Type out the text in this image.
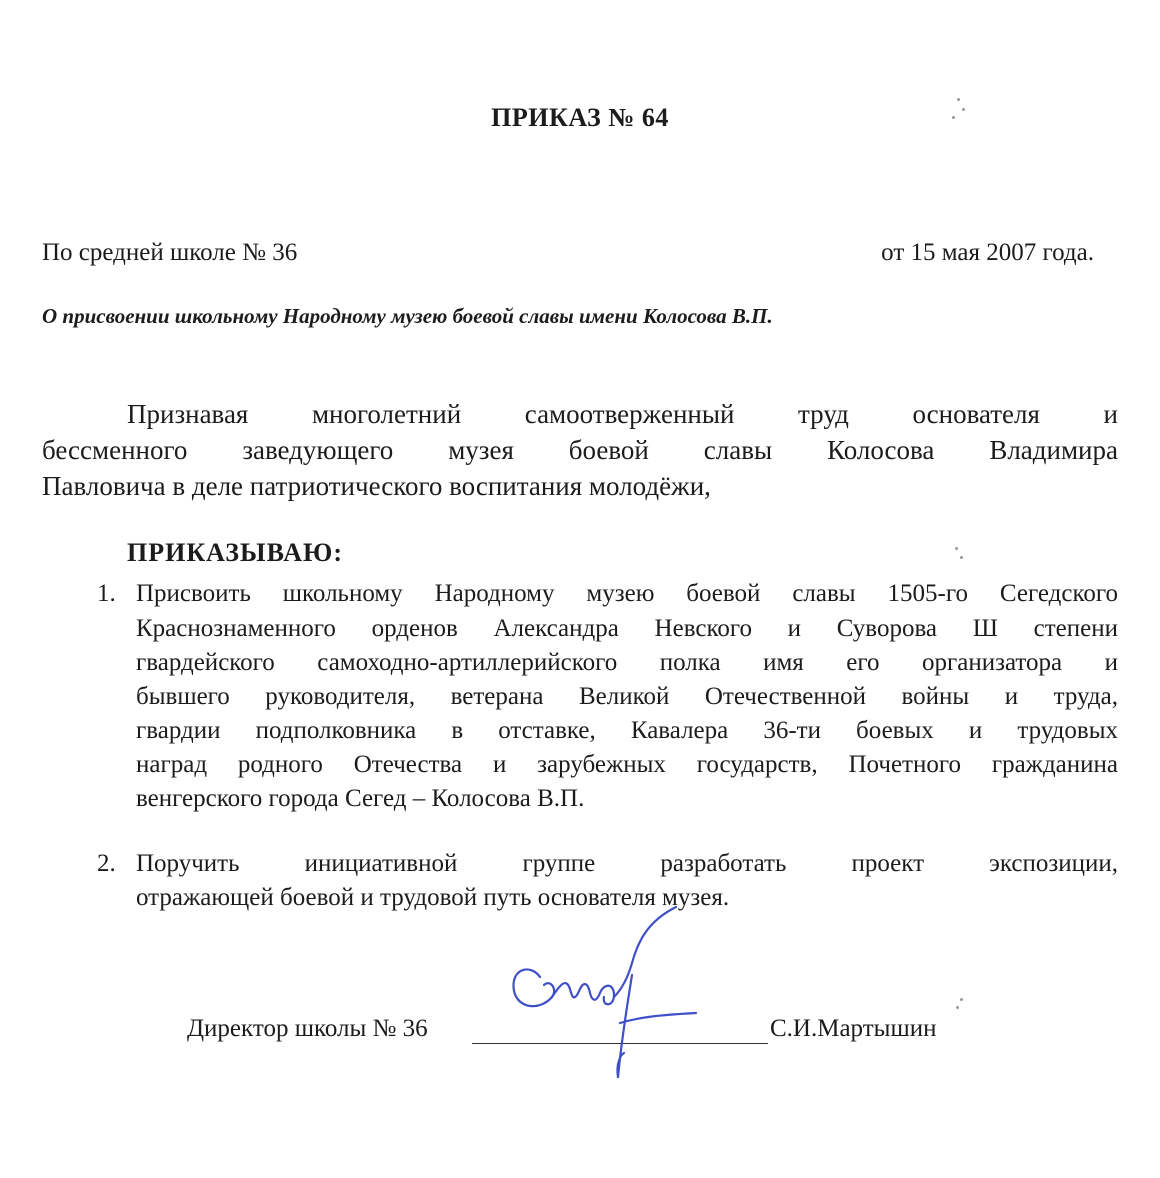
ПРИКАЗ № 64

По средней школе № 36	от 15 мая 2007 года.

О присвоении школьному Народному музею боевой славы имени Колосова В.П.

Признавая многолетний самоотверженный труд основателя и

бессменного заведующего музея боевой славы Колосова Владимира

Павловича в деле патриотического воспитания молодёжи,

ПРИКАЗЫВАЮ:

1. Присвоить школьному Народному музею боевой славы 1505-го Сегедского

Краснознаменного орденов Александра Невского и Суворова Ш степени

гвардейского самоходно-артиллерийского полка имя его организатора и

бывшего руководителя, ветерана Великой Отечественной войны и труда,

гвардии подполковника в отставке, Кавалера 36-ти боевых и трудовых

наград родного Отечества и зарубежных государств, Почетного гражданина

венгерского города Сегед – Колосова В.П.

2. Поручить инициативной группе разработать проект экспозиции,

отражающей боевой и трудовой путь основателя музея.

Директор школы № 36	С.И.Мартышин
